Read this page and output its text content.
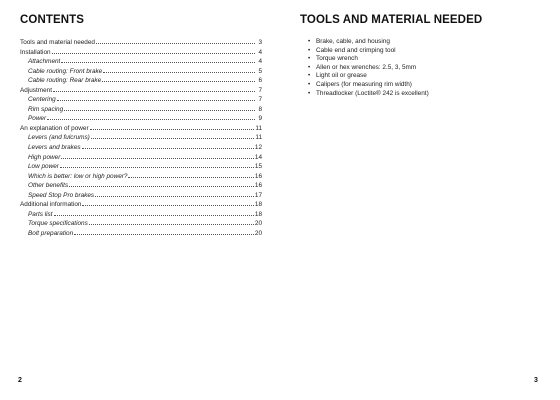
CONTENTS
Tools and material needed	3
Installation	4
Attachment	4
Cable routing: Front brake	5
Cable routing: Rear brake	6
Adjustment	7
Centering	7
Rim spacing	8
Power	9
An explanation of power	11
Levers (and fulcrums)	11
Levers and brakes	12
High power	14
Low power	15
Which is better: low or high power?	16
Other benefits	16
Speed Stop Pro brakes	17
Additional information	18
Parts list	18
Torque specifications	20
Bolt preparation	20
TOOLS AND MATERIAL NEEDED
• Brake, cable, and housing
• Cable end and crimping tool
• Torque wrench
• Allen or hex wrenches: 2.5, 3, 5mm
• Light oil or grease
• Calipers (for measuring rim width)
• Threadlocker (Loctite® 242 is excellent)
2	3
